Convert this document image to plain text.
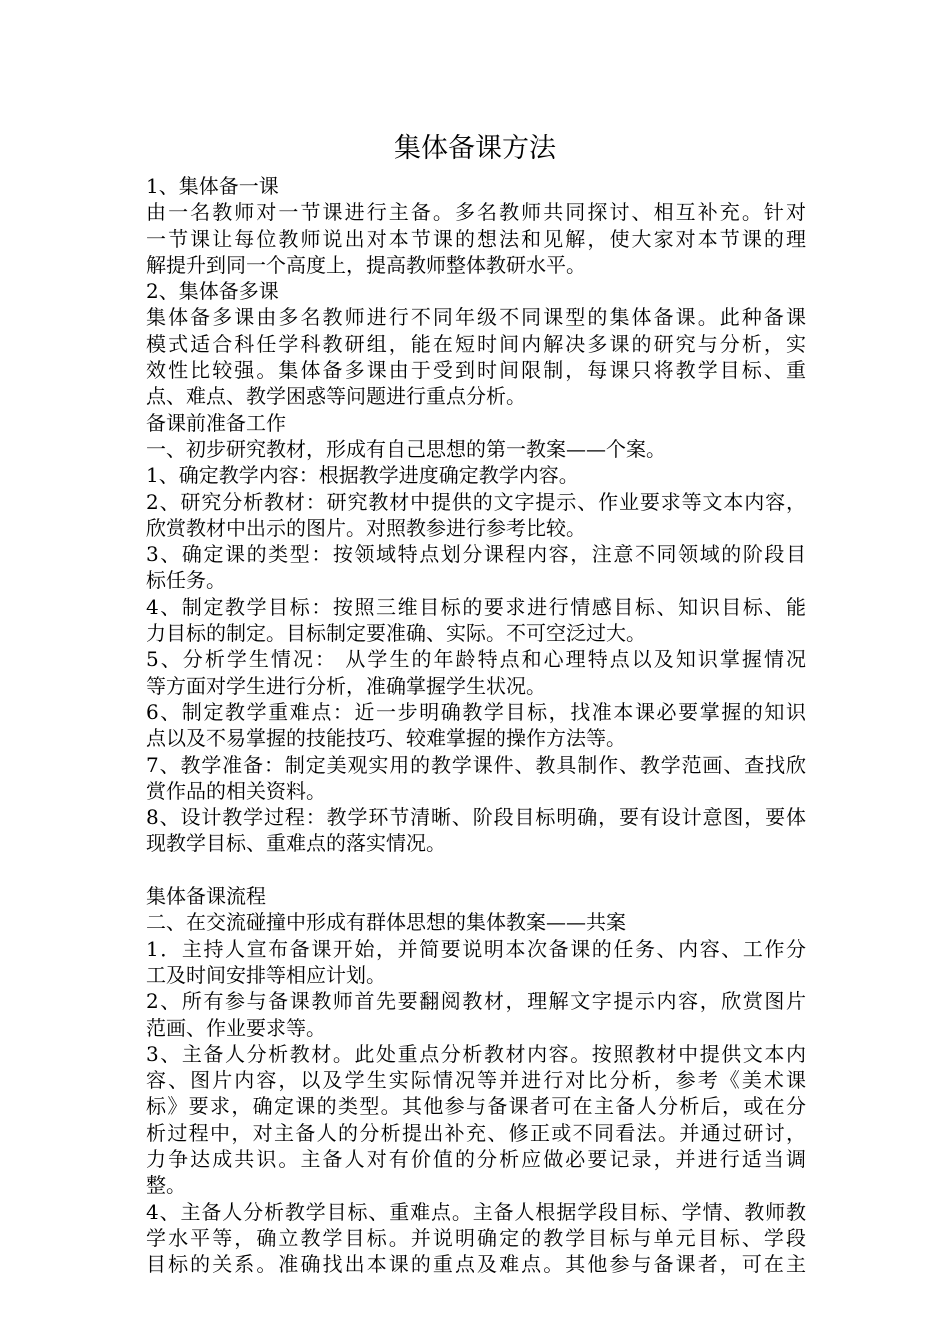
集体备课方法
1、集体备一课
由一名教师对一节课进行主备。多名教师共同探讨、相互补充。针对
一节课让每位教师说出对本节课的想法和见解，使大家对本节课的理
解提升到同一个高度上，提高教师整体教研水平。
2、集体备多课
集体备多课由多名教师进行不同年级不同课型的集体备课。此种备课
模式适合科任学科教研组，能在短时间内解决多课的研究与分析，实
效性比较强。集体备多课由于受到时间限制，每课只将教学目标、重
点、难点、教学困惑等问题进行重点分析。
备课前准备工作
一、初步研究教材，形成有自己思想的第一教案——个案。
1、确定教学内容：根据教学进度确定教学内容。
2、研究分析教材：研究教材中提供的文字提示、作业要求等文本内容，
欣赏教材中出示的图片。对照教参进行参考比较。
3、确定课的类型：按领域特点划分课程内容，注意不同领域的阶段目
标任务。
4、制定教学目标：按照三维目标的要求进行情感目标、知识目标、能
力目标的制定。目标制定要准确、实际。不可空泛过大。
5、分析学生情况： 从学生的年龄特点和心理特点以及知识掌握情况
等方面对学生进行分析，准确掌握学生状况。
6、制定教学重难点：近一步明确教学目标，找准本课必要掌握的知识
点以及不易掌握的技能技巧、较难掌握的操作方法等。
7、教学准备：制定美观实用的教学课件、教具制作、教学范画、查找欣
赏作品的相关资料。
8、设计教学过程：教学环节清晰、阶段目标明确，要有设计意图，要体
现教学目标、重难点的落实情况。
集体备课流程
二、在交流碰撞中形成有群体思想的集体教案——共案
1．主持人宣布备课开始，并简要说明本次备课的任务、内容、工作分
工及时间安排等相应计划。
2、所有参与备课教师首先要翻阅教材，理解文字提示内容，欣赏图片
范画、作业要求等。
3、主备人分析教材。此处重点分析教材内容。按照教材中提供文本内
容、图片内容，以及学生实际情况等并进行对比分析，参考《美术课
标》要求，确定课的类型。其他参与备课者可在主备人分析后，或在分
析过程中，对主备人的分析提出补充、修正或不同看法。并通过研讨，
力争达成共识。主备人对有价值的分析应做必要记录，并进行适当调
整。
4、主备人分析教学目标、重难点。主备人根据学段目标、学情、教师教
学水平等，确立教学目标。并说明确定的教学目标与单元目标、学段
目标的关系。准确找出本课的重点及难点。其他参与备课者，可在主
